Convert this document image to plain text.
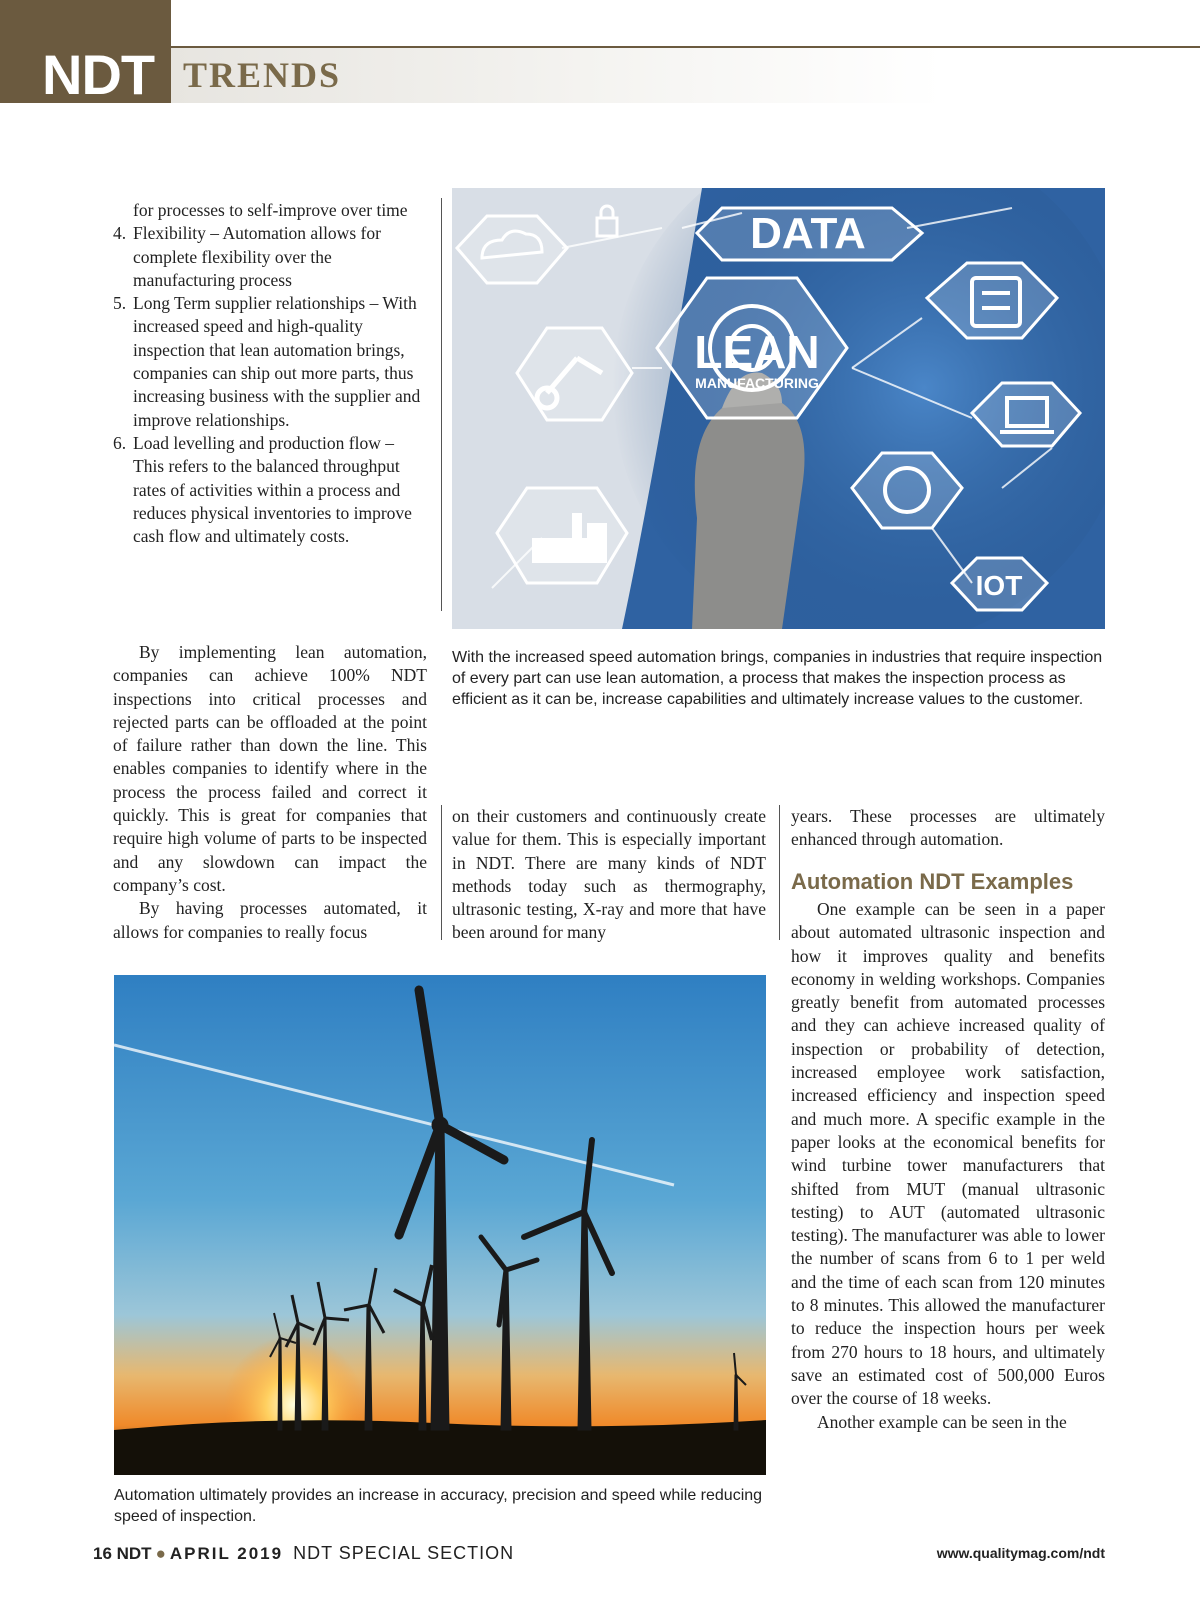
NDT TRENDS
for processes to self-improve over time
4. Flexibility – Automation allows for complete flexibility over the manufacturing process
5. Long Term supplier relationships – With increased speed and high-quality inspection that lean automation brings, companies can ship out more parts, thus increasing business with the supplier and improve relationships.
6. Load levelling and production flow – This refers to the balanced throughput rates of activities within a process and reduces physical inventories to improve cash flow and ultimately costs.

By implementing lean automation, companies can achieve 100% NDT inspections into critical processes and rejected parts can be offloaded at the point of failure rather than down the line. This enables companies to identify where in the process the process failed and correct it quickly. This is great for companies that require high volume of parts to be inspected and any slowdown can impact the company’s cost.

By having processes automated, it allows for companies to really focus

on their customers and continuously create value for them. This is especially important in NDT. There are many kinds of NDT methods today such as thermography, ultrasonic testing, X-ray and more that have been around for many

years. These processes are ultimately enhanced through automation.

Automation NDT Examples

One example can be seen in a paper about automated ultrasonic inspection and how it improves quality and benefits economy in welding workshops. Companies greatly benefit from automated processes and they can achieve increased quality of inspection or probability of detection, increased employee work satisfaction, increased efficiency and inspection speed and much more. A specific example in the paper looks at the economical benefits for wind turbine tower manufacturers that shifted from MUT (manual ultrasonic testing) to AUT (automated ultrasonic testing). The manufacturer was able to lower the number of scans from 6 to 1 per weld and the time of each scan from 120 minutes to 8 minutes. This allowed the manufacturer to reduce the inspection hours per week from 270 hours to 18 hours, and ultimately save an estimated cost of 500,000 Euros over the course of 18 weeks.

Another example can be seen in the

DATA
LEAN
MANUFACTURING
IOT
With the increased speed automation brings, companies in industries that require inspection of every part can use lean automation, a process that makes the inspection process as efficient as it can be, increase capabilities and ultimately increase values to the customer.
Automation ultimately provides an increase in accuracy, precision and speed while reducing speed of inspection.
16 NDT ● APRIL 2019 NDT SPECIAL SECTION	www.qualitymag.com/ndt
